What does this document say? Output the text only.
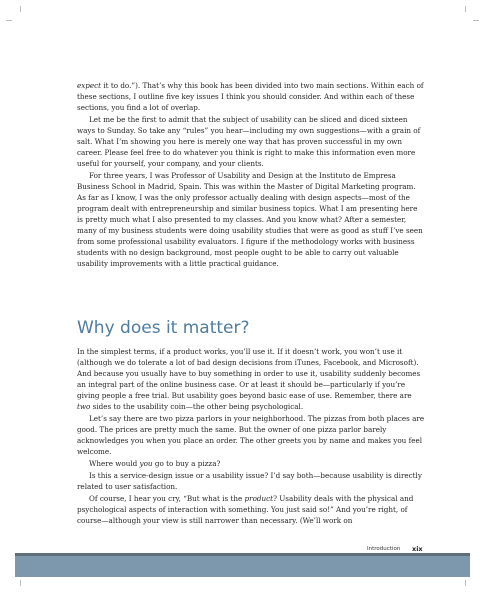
expect it to do.”). That’s why this book has been divided into two main sections. Within each of these sections, I outline five key issues I think you should consider. And within each of these sections, you find a lot of overlap.

Let me be the first to admit that the subject of usability can be sliced and diced sixteen ways to Sunday. So take any “rules” you hear—including my own suggestions—with a grain of salt. What I’m showing you here is merely one way that has proven successful in my own career. Please feel free to do whatever you think is right to make this information even more useful for yourself, your company, and your clients.

For three years, I was Professor of Usability and Design at the Instituto de Empresa Business School in Madrid, Spain. This was within the Master of Digital Marketing program. As far as I know, I was the only professor actually dealing with design aspects—most of the program dealt with entrepreneurship and similar business topics. What I am presenting here is pretty much what I also presented to my classes. And you know what? After a semester, many of my business students were doing usability studies that were as good as stuff I’ve seen from some professional usability evaluators. I figure if the methodology works with business students with no design background, most people ought to be able to carry out valuable usability improvements with a little practical guidance.

Why does it matter?

In the simplest terms, if a product works, you’ll use it. If it doesn’t work, you won’t use it (although we do tolerate a lot of bad design decisions from iTunes, Facebook, and Microsoft). And because you usually have to buy something in order to use it, usability suddenly becomes an integral part of the online business case. Or at least it should be—particularly if you’re giving people a free trial. But usability goes beyond basic ease of use. Remember, there are two sides to the usability coin—the other being psychological.

Let’s say there are two pizza parlors in your neighborhood. The pizzas from both places are good. The prices are pretty much the same. But the owner of one pizza parlor barely acknowledges you when you place an order. The other greets you by name and makes you feel welcome.

Where would you go to buy a pizza?

Is this a service-design issue or a usability issue? I’d say both—because usability is directly related to user satisfaction.

Of course, I hear you cry, “But what is the product? Usability deals with the physical and psychological aspects of interaction with something. You just said so!” And you’re right, of course—although your view is still narrower than necessary. (We’ll work on

Introduction xix
